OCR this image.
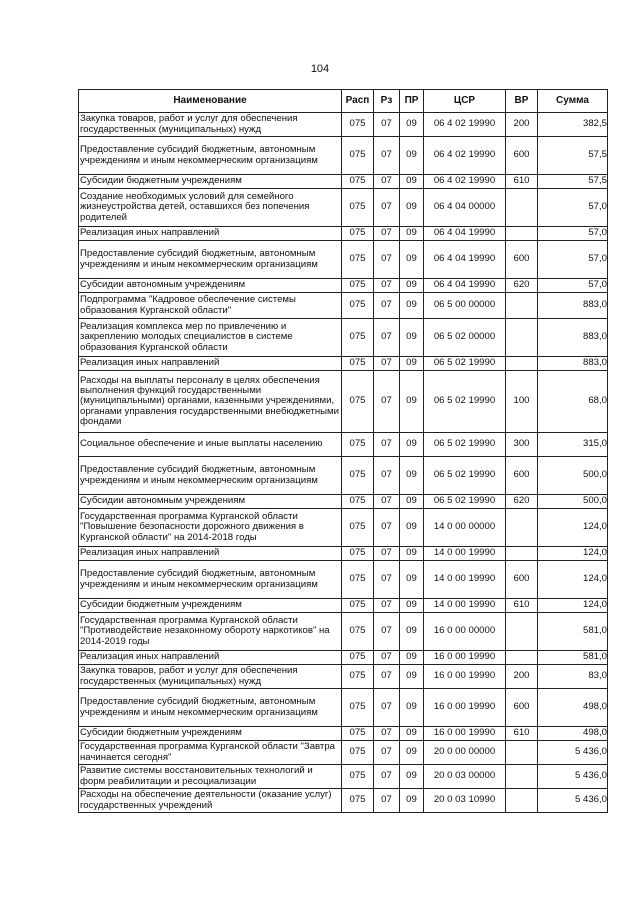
104
Наименование	Расп	Рз	ПР	ЦСР	ВР	Сумма
Закупка товаров, работ и услуг для обеспечения государственных (муниципальных) нужд	075	07	09	06 4 02 19990	200	382,5
Предоставление субсидий бюджетным, автономным учреждениям и иным некоммерческим организациям	075	07	09	06 4 02 19990	600	57,5
Субсидии бюджетным учреждениям	075	07	09	06 4 02 19990	610	57,5
Создание необходимых условий для семейного жизнеустройства детей, оставшихся без попечения родителей	075	07	09	06 4 04 00000		57,0
Реализация иных направлений	075	07	09	06 4 04 19990		57,0
Предоставление субсидий бюджетным, автономным учреждениям и иным некоммерческим организациям	075	07	09	06 4 04 19990	600	57,0
Субсидии автономным учреждениям	075	07	09	06 4 04 19990	620	57,0
Подпрограмма "Кадровое обеспечение системы образования Курганской области"	075	07	09	06 5 00 00000		883,0
Реализация комплекса мер по привлечению и закреплению молодых специалистов в системе образования Курганской области	075	07	09	06 5 02 00000		883,0
Реализация иных направлений	075	07	09	06 5 02 19990		883,0
Расходы на выплаты персоналу в целях обеспечения выполнения функций государственными (муниципальными) органами, казенными учреждениями, органами управления государственными внебюджетными фондами	075	07	09	06 5 02 19990	100	68,0
Социальное обеспечение и иные выплаты населению	075	07	09	06 5 02 19990	300	315,0
Предоставление субсидий бюджетным, автономным учреждениям и иным некоммерческим организациям	075	07	09	06 5 02 19990	600	500,0
Субсидии автономным учреждениям	075	07	09	06 5 02 19990	620	500,0
Государственная программа Курганской области "Повышение безопасности дорожного движения в Курганской области" на 2014-2018 годы	075	07	09	14 0 00 00000		124,0
Реализация иных направлений	075	07	09	14 0 00 19990		124,0
Предоставление субсидий бюджетным, автономным учреждениям и иным некоммерческим организациям	075	07	09	14 0 00 19990	600	124,0
Субсидии бюджетным учреждениям	075	07	09	14 0 00 19990	610	124,0
Государственная программа Курганской области "Противодействие незаконному обороту наркотиков" на 2014-2019 годы	075	07	09	16 0 00 00000		581,0
Реализация иных направлений	075	07	09	16 0 00 19990		581,0
Закупка товаров, работ и услуг для обеспечения государственных (муниципальных) нужд	075	07	09	16 0 00 19990	200	83,0
Предоставление субсидий бюджетным, автономным учреждениям и иным некоммерческим организациям	075	07	09	16 0 00 19990	600	498,0
Субсидии бюджетным учреждениям	075	07	09	16 0 00 19990	610	498,0
Государственная программа Курганской области "Завтра начинается сегодня"	075	07	09	20 0 00 00000		5 436,0
Развитие системы восстановительных технологий и форм реабилитации и ресоциализации	075	07	09	20 0 03 00000		5 436,0
Расходы на обеспечение деятельности (оказание услуг) государственных учреждений	075	07	09	20 0 03 10990		5 436,0
